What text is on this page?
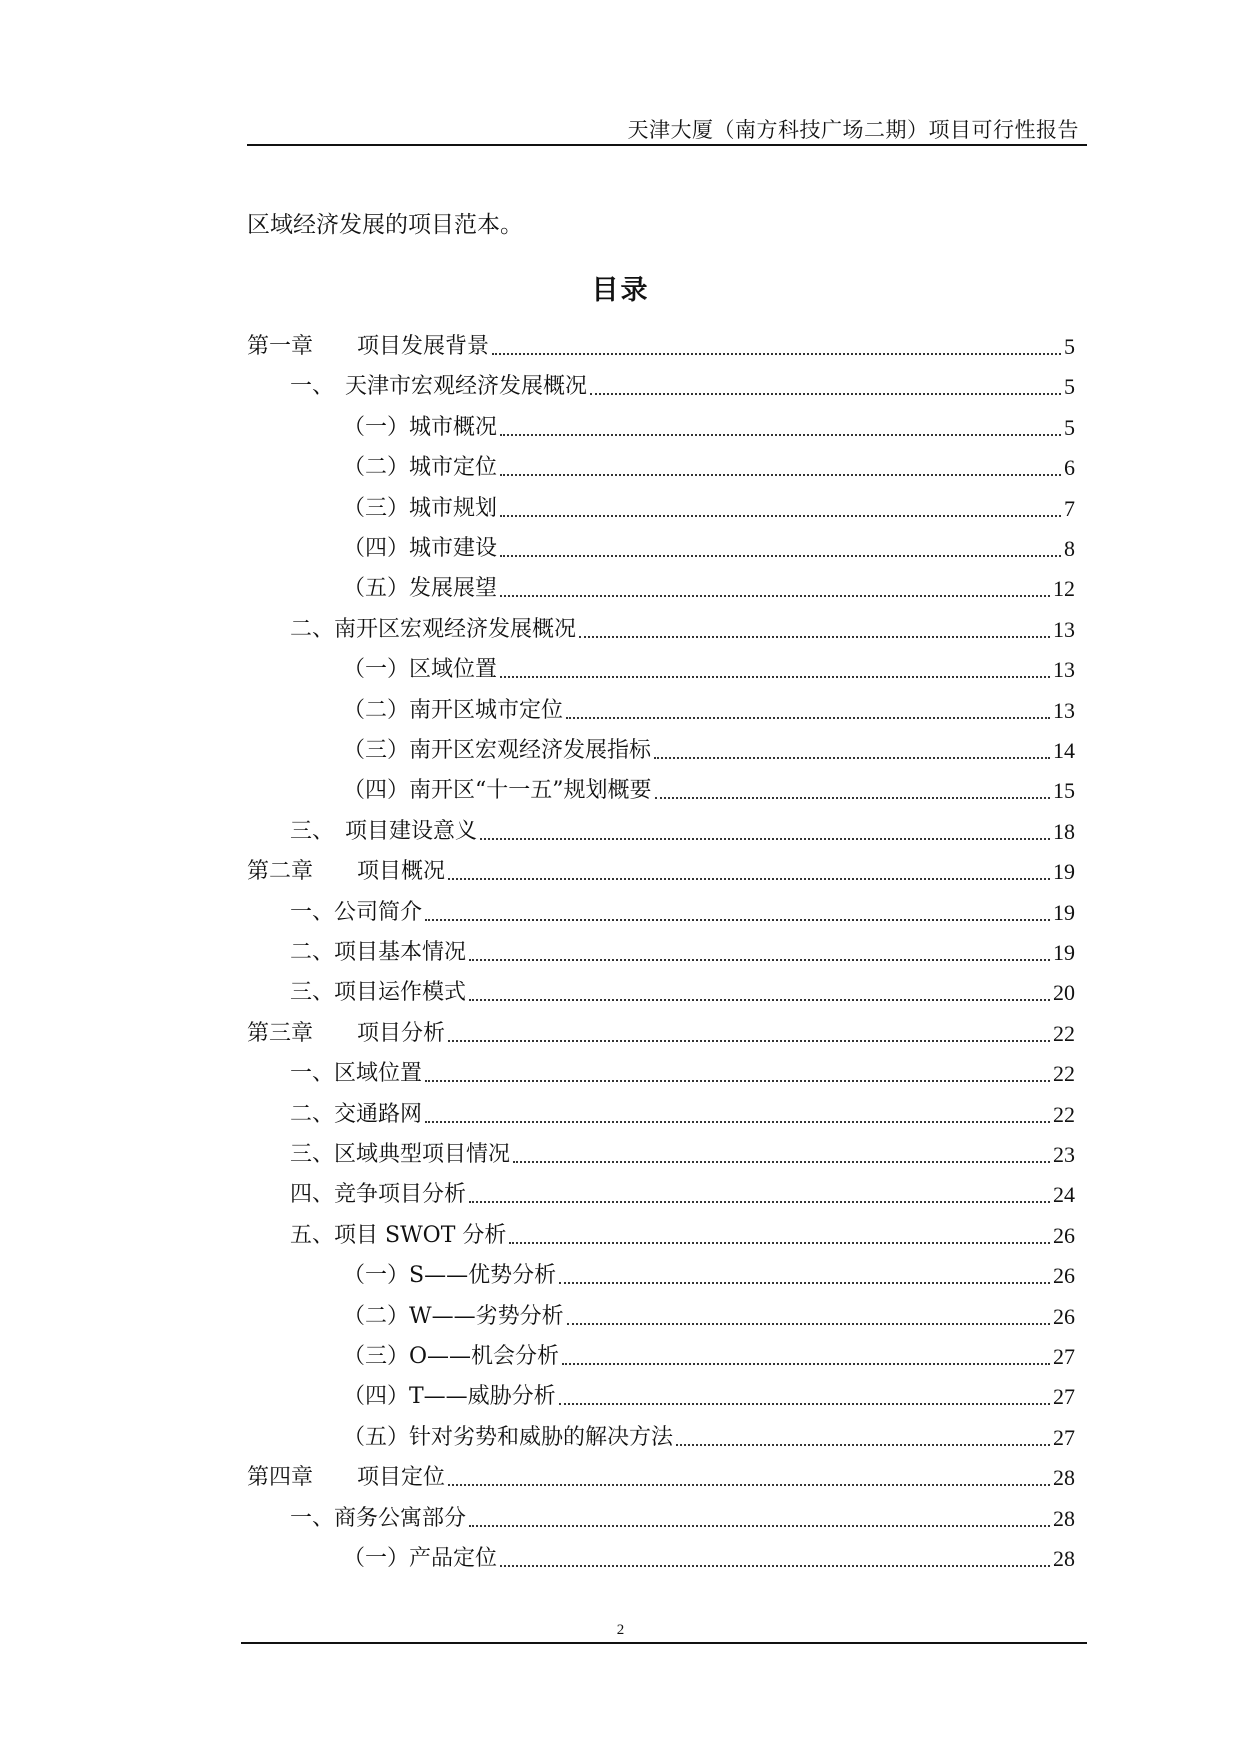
天津大厦（南方科技广场二期）项目可行性报告
区域经济发展的项目范本。
目录
第一章　　项目发展背景	5
一、　天津市宏观经济发展概况	5
（一）城市概况	5
（二）城市定位	6
（三）城市规划	7
（四）城市建设	8
（五）发展展望	12
二、南开区宏观经济发展概况	13
（一）区域位置	13
（二）南开区城市定位	13
（三）南开区宏观经济发展指标	14
（四）南开区“十一五”规划概要	15
三、　项目建设意义	18
第二章　　项目概况	19
一、公司简介	19
二、项目基本情况	19
三、项目运作模式	20
第三章　　项目分析	22
一、区域位置	22
二、交通路网	22
三、区域典型项目情况	23
四、竞争项目分析	24
五、项目 SWOT 分析	26
（一）S——优势分析	26
（二）W——劣势分析	26
（三）O——机会分析	27
（四）T——威胁分析	27
（五）针对劣势和威胁的解决方法	27
第四章　　项目定位	28
一、商务公寓部分	28
（一）产品定位	28
2
